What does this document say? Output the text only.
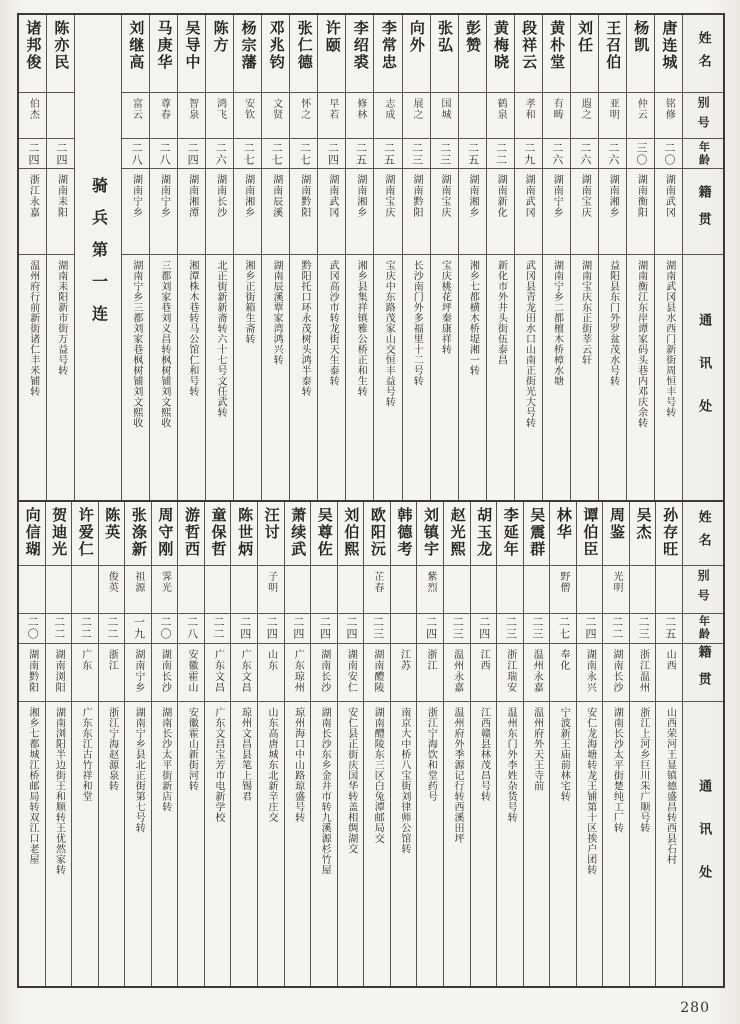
姓名
别号
年龄
籍贯
通讯处
唐连城
铭修
二〇
湖南武冈
湖南武冈县水西门新街周恒丰号转
杨凯
仲云
三〇
湖南衡阳
湖南衡江东岸谭家码头巷内邓庆余转
王召伯
亚明
二六
湖南湘乡
益阳县东门外罗盆茂水号转
刘任
遐之
二六
湖南宝庆
湖南宝庆东正街莘云轩
黄朴堂
有畴
二六
湖南宁乡
湖南宁乡二都檀木桥樟水塘
段祥云
孝和
二九
湖南武冈
武冈县青龙田水口山南正街光大号转
黄梅晓
鹤泉
二二
湖南新化
新化市外井头街伍泰昌
彭赞
二五
湖南湘乡
湘乡七都横木桥堤湘一转
张弘
国城
二三
湖南宝庆
宝庆桃花坪秦康祥转
向外
展之
二三
湖南黔阳
长沙南门外多福里十二号转
李常忠
志成
二五
湖南宝庆
宝庆中东路茂家山交恒丰益号转
李绍裘
修林
二五
湖南湘乡
湘乡县集祥镇雅公桥正和生转
许颐
早若
二四
湖南武冈
武冈高沙市转龙街天生泰转
张仁德
怀之
二七
湖南黔阳
黔阳托口环永茂树头鸿半泰转
邓兆钧
文贤
二七
湖南辰溪
湖南辰溪覃家湾鸿兴转
杨宗藩
安钦
二七
湖南湘乡
湘乡正街箱生斋转
陈方
鸿飞
二六
湖南长沙
北正街新新斋转六十七号文任武转
吴导中
智泉
二四
湖南湘潭
湘潭株木巷转马公馆仁和号转
马庚华
尊春
二八
湖南宁乡
三都刘家巷刘义昌转枫树铺刘文熙收
刘继高
富云
二八
湖南宁乡
湖南宁乡三都刘家巷枫树铺刘文熙收
骑兵第一连
陈亦民
二四
湖南耒阳
湖南耒阳新市街万益号转
诸邦俊
伯杰
二四
浙江永嘉
温州府行前新街诸仁丰米铺转
姓名
别号
年龄
籍贯
通讯处
孙存旺
二五
山西
山西荣河王显镇德盛昌转西县石村
吴杰
二三
浙江温州
浙江上河乡巨川朱广顺号转
周鉴
光明
二二
湖南长沙
湖南长沙太平街楚纯工厂转
谭伯臣
二四
湖南永兴
安仁龙海塘转龙王铺第十区挨户团转
林华
野僧
二七
奉化
宁波新王庙前林宅转
吴震群
二三
温州永嘉
温州府外天王寺前
李延年
二三
浙江瑞安
温州东门外李姓杂货号转
胡玉龙
二四
江西
江西赣县林茂昌号转
赵光熙
二三
温州永嘉
温州府外季源记行转西溪田坪
刘镇宇
紫烈
二四
浙江
浙江宁海饮和堂药号
韩德考
江苏
南京大中桥八宝街刘律师公馆转
欧阳沅
芷春
二三
湖南醴陵
湖南醴陵东三区白兔潭邮局交
刘伯熙
二四
湖南安仁
安仁县正街庆国华转盖相绸湖交
吴尊佐
二四
湖南长沙
湖南长沙东乡金井市转九溪源杉竹屋
萧续武
二四
广东琼州
琼州海口中山路琼盛号转
汪讨
子明
二四
山东
山东高唐城东北新辛庄交
陈世炳
二四
广东文昌
琼州文昌县笔上锡君
童保哲
二二
广东文昌
广东文昌宝芳市电新学校
游哲西
二八
安徽霍山
安徽霍山新街河转
周守刚
霁光
二〇
湖南长沙
湖南长沙太平街新店转
张涤新
祖源
一九
湖南宁乡
湖南宁乡县北正街第七号转
陈英
俊英
二二
浙江
浙江宁海赵源泉转
许爱仁
二二
广东
广东东江古竹祥和堂
贺迪光
二二
湖南浏阳
湖南浏阳半边街王和顺转王优然家转
向信瑚
二〇
湖南黔阳
湘乡七都城江桥邮局转双江口老屋
280
